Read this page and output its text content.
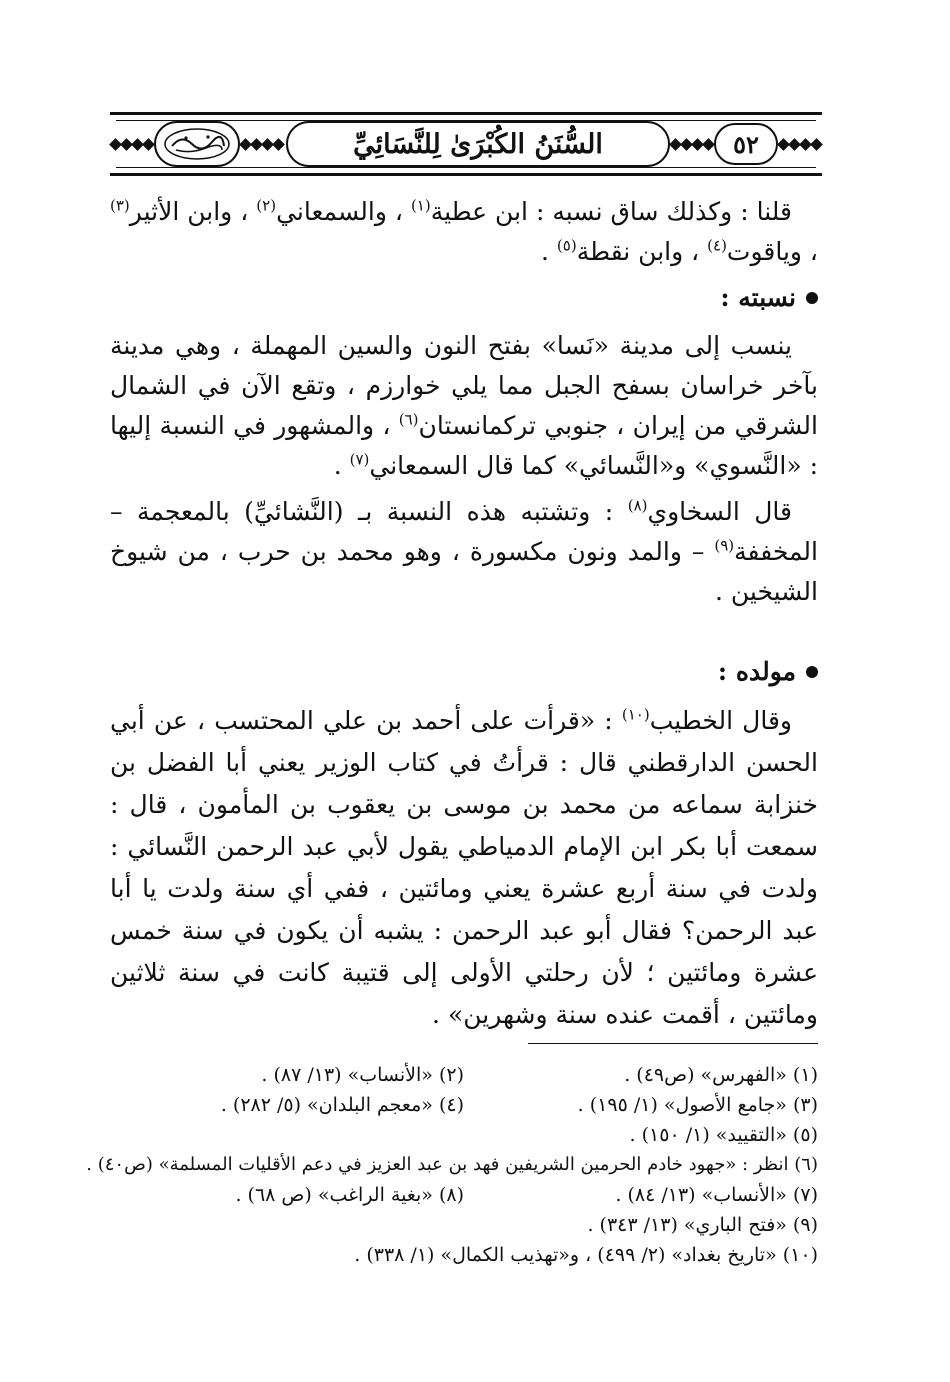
٥٢
السُّنَنُ الكُبْرَىٰ لِلنَّسَائِيِّ

قلنا : وكذلك ساق نسبه : ابن عطية$^{(١)}$ ، والسمعاني$^{(٢)}$ ، وابن الأثير$^{(٣)}$ ، وياقوت$^{(٤)}$ ، وابن نقطة$^{(٥)}$ .

نسبته :

ينسب إلى مدينة «نَسا» بفتح النون والسين المهملة ، وهي مدينة بآخر خراسان بسفح الجبل مما يلي خوارزم ، وتقع الآن في الشمال الشرقي من إيران ، جنوبي تركمانستان$^{(٦)}$ ، والمشهور في النسبة إليها : «النَّسوي» و«النَّسائي» كما قال السمعاني$^{(٧)}$ .

قال السخاوي$^{(٨)}$ : وتشتبه هذه النسبة بـ (النَّشائيِّ) بالمعجمة – المخففة$^{(٩)}$ – والمد ونون مكسورة ، وهو محمد بن حرب ، من شيوخ الشيخين .

مولده :

وقال الخطيب$^{(١٠)}$ : «قرأت على أحمد بن علي المحتسب ، عن أبي الحسن الدارقطني قال : قرأتُ في كتاب الوزير يعني أبا الفضل بن خنزابة سماعه من محمد بن موسى بن يعقوب بن المأمون ، قال : سمعت أبا بكر ابن الإمام الدمياطي يقول لأبي عبد الرحمن النَّسائي : ولدت في سنة أربع عشرة يعني ومائتين ، ففي أي سنة ولدت يا أبا عبد الرحمن؟ فقال أبو عبد الرحمن : يشبه أن يكون في سنة خمس عشرة ومائتين ؛ لأن رحلتي الأولى إلى قتيبة كانت في سنة ثلاثين ومائتين ، أقمت عنده سنة وشهرين» .

(١) «الفهرس» (ص٤٩) .
(٢) «الأنساب» (١٣/ ٨٧) .
(٣) «جامع الأصول» (١/ ١٩٥) .
(٤) «معجم البلدان» (٥/ ٢٨٢) .
(٥) «التقييد» (١/ ١٥٠) .
(٦) انظر : «جهود خادم الحرمين الشريفين فهد بن عبد العزيز في دعم الأقليات المسلمة» (ص٤٠) .
(٧) «الأنساب» (١٣/ ٨٤) .
(٨) «بغية الراغب» (ص ٦٨) .
(٩) «فتح الباري» (١٣/ ٣٤٣) .
(١٠) «تاريخ بغداد» (٢/ ٤٩٩) ، و«تهذيب الكمال» (١/ ٣٣٨) .
